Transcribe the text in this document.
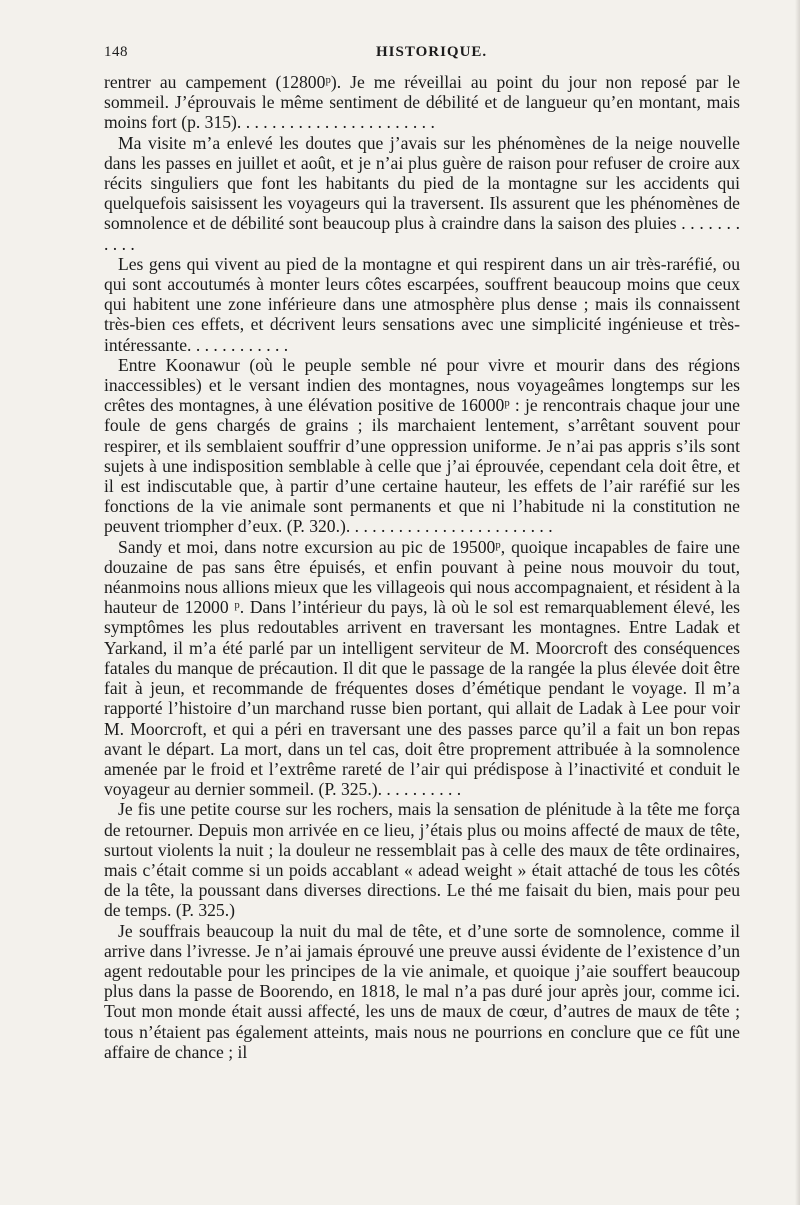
148	HISTORIQUE.

rentrer au campement (12800ᵖ). Je me réveillai au point du jour non reposé par le sommeil. J’éprouvais le même sentiment de débilité et de langueur qu’en montant, mais moins fort (p. 315). . . . . . . . . . . . . . . . . . . . . . .

Ma visite m’a enlevé les doutes que j’avais sur les phénomènes de la neige nouvelle dans les passes en juillet et août, et je n’ai plus guère de raison pour refuser de croire aux récits singuliers que font les habitants du pied de la montagne sur les accidents qui quelquefois saisissent les voyageurs qui la traversent. Ils assurent que les phénomènes de somnolence et de débilité sont beaucoup plus à craindre dans la saison des pluies . . . . . . . . . . .

Les gens qui vivent au pied de la montagne et qui respirent dans un air très-raréfié, ou qui sont accoutumés à monter leurs côtes escarpées, souffrent beaucoup moins que ceux qui habitent une zone inférieure dans une atmosphère plus dense ; mais ils connaissent très-bien ces effets, et décrivent leurs sensations avec une simplicité ingénieuse et très-intéressante. . . . . . . . . . . .

Entre Koonawur (où le peuple semble né pour vivre et mourir dans des régions inaccessibles) et le versant indien des montagnes, nous voyageâmes longtemps sur les crêtes des montagnes, à une élévation positive de 16000ᵖ : je rencontrais chaque jour une foule de gens chargés de grains ; ils marchaient lentement, s’arrêtant souvent pour respirer, et ils semblaient souffrir d’une oppression uniforme. Je n’ai pas appris s’ils sont sujets à une indisposition semblable à celle que j’ai éprouvée, cependant cela doit être, et il est indiscutable que, à partir d’une certaine hauteur, les effets de l’air raréfié sur les fonctions de la vie animale sont permanents et que ni l’habitude ni la constitution ne peuvent triompher d’eux. (P. 320.). . . . . . . . . . . . . . . . . . . . . . . .

Sandy et moi, dans notre excursion au pic de 19500ᵖ, quoique incapables de faire une douzaine de pas sans être épuisés, et enfin pouvant à peine nous mouvoir du tout, néanmoins nous allions mieux que les villageois qui nous accompagnaient, et résident à la hauteur de 12000 ᵖ. Dans l’intérieur du pays, là où le sol est remarquablement élevé, les symptômes les plus redoutables arrivent en traversant les montagnes. Entre Ladak et Yarkand, il m’a été parlé par un intelligent serviteur de M. Moorcroft des conséquences fatales du manque de précaution. Il dit que le passage de la rangée la plus élevée doit être fait à jeun, et recommande de fréquentes doses d’émétique pendant le voyage. Il m’a rapporté l’histoire d’un marchand russe bien portant, qui allait de Ladak à Lee pour voir M. Moorcroft, et qui a péri en traversant une des passes parce qu’il a fait un bon repas avant le départ. La mort, dans un tel cas, doit être proprement attribuée à la somnolence amenée par le froid et l’extrême rareté de l’air qui prédispose à l’inactivité et conduit le voyageur au dernier sommeil. (P. 325.). . . . . . . . . .

Je fis une petite course sur les rochers, mais la sensation de plénitude à la tête me força de retourner. Depuis mon arrivée en ce lieu, j’étais plus ou moins affecté de maux de tête, surtout violents la nuit ; la douleur ne ressemblait pas à celle des maux de tête ordinaires, mais c’était comme si un poids accablant « adead weight » était attaché de tous les côtés de la tête, la poussant dans diverses directions. Le thé me faisait du bien, mais pour peu de temps. (P. 325.)

Je souffrais beaucoup la nuit du mal de tête, et d’une sorte de somnolence, comme il arrive dans l’ivresse. Je n’ai jamais éprouvé une preuve aussi évidente de l’existence d’un agent redoutable pour les principes de la vie animale, et quoique j’aie souffert beaucoup plus dans la passe de Boorendo, en 1818, le mal n’a pas duré jour après jour, comme ici. Tout mon monde était aussi affecté, les uns de maux de cœur, d’autres de maux de tête ; tous n’étaient pas également atteints, mais nous ne pourrions en conclure que ce fût une affaire de chance ; il
